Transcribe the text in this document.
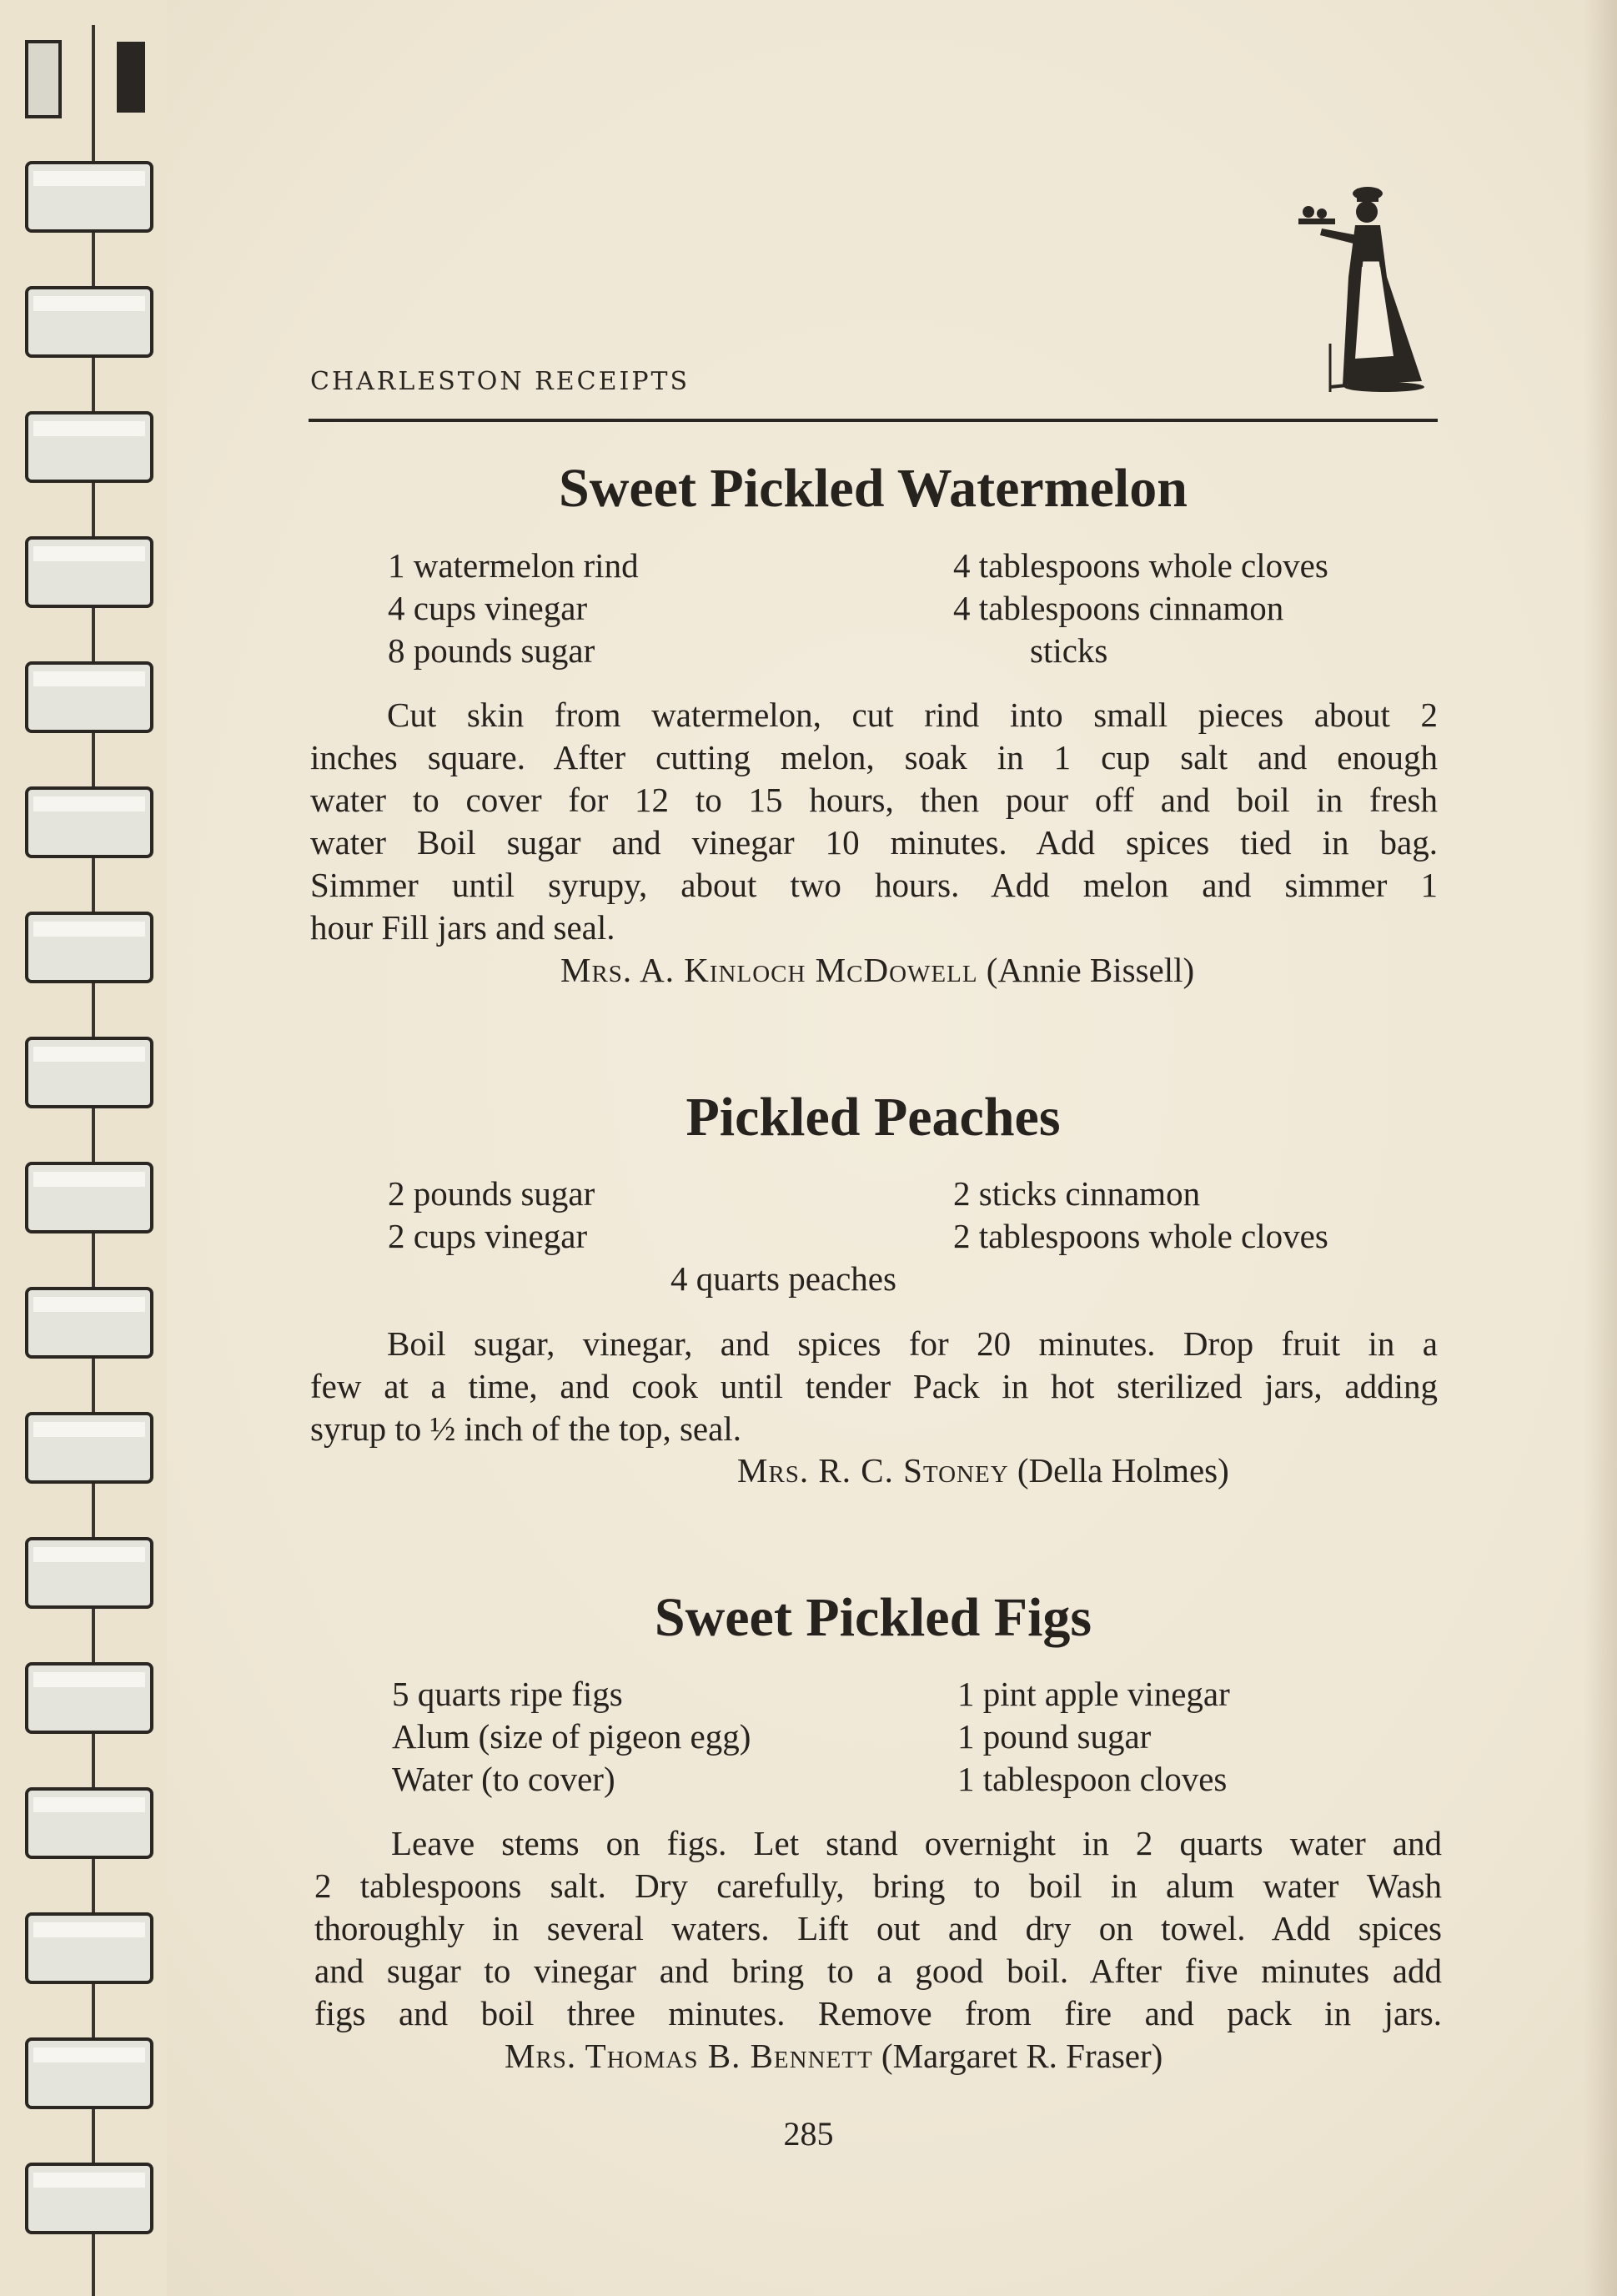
CHARLESTON RECEIPTS
Sweet Pickled Watermelon
1 watermelon rind
4 cups vinegar
8 pounds sugar
4 tablespoons whole cloves
4 tablespoons cinnamon
sticks
Cut skin from watermelon, cut rind into small pieces about 2
inches square. After cutting melon, soak in 1 cup salt and enough
water to cover for 12 to 15 hours, then pour off and boil in fresh
water Boil sugar and vinegar 10 minutes. Add spices tied in bag.
Simmer until syrupy, about two hours. Add melon and simmer 1
hour Fill jars and seal.
Mrs. A. Kinloch McDowell (Annie Bissell)
Pickled Peaches
2 pounds sugar
2 cups vinegar
2 sticks cinnamon
2 tablespoons whole cloves
4 quarts peaches
Boil sugar, vinegar, and spices for 20 minutes. Drop fruit in a
few at a time, and cook until tender Pack in hot sterilized jars, adding
syrup to ½ inch of the top, seal.
Mrs. R. C. Stoney (Della Holmes)
Sweet Pickled Figs
5 quarts ripe figs
Alum (size of pigeon egg)
Water (to cover)
1 pint apple vinegar
1 pound sugar
1 tablespoon cloves
Leave stems on figs. Let stand overnight in 2 quarts water and
2 tablespoons salt. Dry carefully, bring to boil in alum water Wash
thoroughly in several waters. Lift out and dry on towel. Add spices
and sugar to vinegar and bring to a good boil. After five minutes add
figs and boil three minutes. Remove from fire and pack in jars.
Mrs. Thomas B. Bennett (Margaret R. Fraser)
285
